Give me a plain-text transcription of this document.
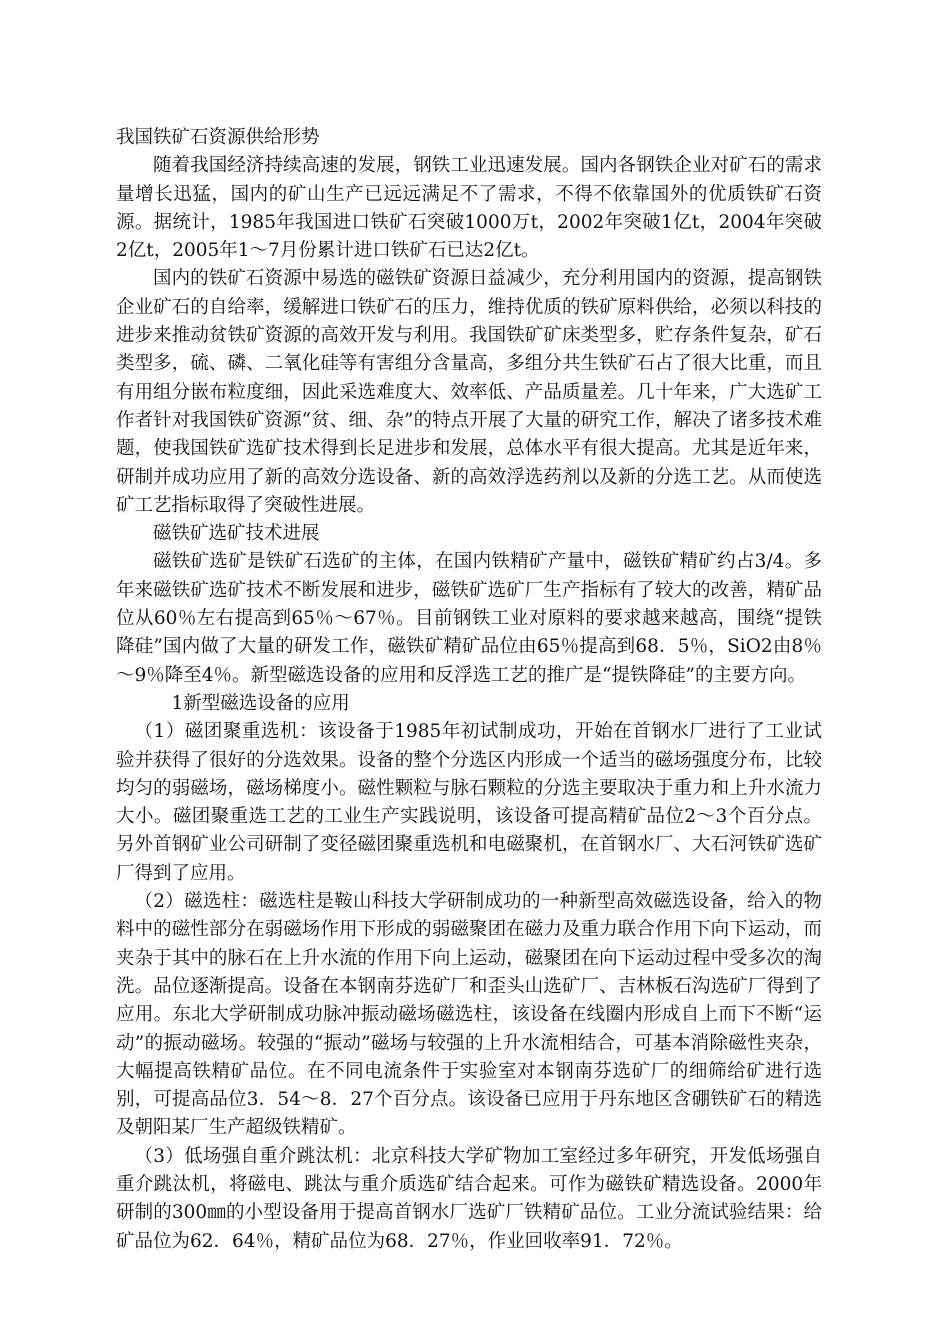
我国铁矿石资源供给形势

随着我国经济持续高速的发展，钢铁工业迅速发展。国内各钢铁企业对矿石的需求量增长迅猛，国内的矿山生产已远远满足不了需求，不得不依靠国外的优质铁矿石资源。据统计，1985年我国进口铁矿石突破1000万t，2002年突破1亿t，2004年突破2亿t，2005年1～7月份累计进口铁矿石已达2亿t。

国内的铁矿石资源中易选的磁铁矿资源日益减少，充分利用国内的资源，提高钢铁企业矿石的自给率，缓解进口铁矿石的压力，维持优质的铁矿原料供给，必须以科技的进步来推动贫铁矿资源的高效开发与利用。我国铁矿矿床类型多，贮存条件复杂，矿石类型多，硫、磷、二氧化硅等有害组分含量高，多组分共生铁矿石占了很大比重，而且有用组分嵌布粒度细，因此采选难度大、效率低、产品质量差。几十年来，广大选矿工作者针对我国铁矿资源“贫、细、杂”的特点开展了大量的研究工作，解决了诸多技术难题，使我国铁矿选矿技术得到长足进步和发展，总体水平有很大提高。尤其是近年来，研制并成功应用了新的高效分选设备、新的高效浮选药剂以及新的分选工艺。从而使选矿工艺指标取得了突破性进展。

磁铁矿选矿技术进展

磁铁矿选矿是铁矿石选矿的主体，在国内铁精矿产量中，磁铁矿精矿约占3/4。多年来磁铁矿选矿技术不断发展和进步，磁铁矿选矿厂生产指标有了较大的改善，精矿品位从60％左右提高到65％～67％。目前钢铁工业对原料的要求越来越高，围绕“提铁降硅”国内做了大量的研发工作，磁铁矿精矿品位由65％提高到68．5％，SiO2由8％～9％降至4％。新型磁选设备的应用和反浮选工艺的推广是“提铁降硅”的主要方向。

1新型磁选设备的应用

（1）磁团聚重选机：该设备于1985年初试制成功，开始在首钢水厂进行了工业试验并获得了很好的分选效果。设备的整个分选区内形成一个适当的磁场强度分布，比较均匀的弱磁场，磁场梯度小。磁性颗粒与脉石颗粒的分选主要取决于重力和上升水流力大小。磁团聚重选工艺的工业生产实践说明，该设备可提高精矿品位2～3个百分点。另外首钢矿业公司研制了变径磁团聚重选机和电磁聚机，在首钢水厂、大石河铁矿选矿厂得到了应用。

（2）磁选柱：磁选柱是鞍山科技大学研制成功的一种新型高效磁选设备，给入的物料中的磁性部分在弱磁场作用下形成的弱磁聚团在磁力及重力联合作用下向下运动，而夹杂于其中的脉石在上升水流的作用下向上运动，磁聚团在向下运动过程中受多次的淘洗。品位逐渐提高。设备在本钢南芬选矿厂和歪头山选矿厂、吉林板石沟选矿厂得到了应用。东北大学研制成功脉冲振动磁场磁选柱，该设备在线圈内形成自上而下不断“运动”的振动磁场。较强的“振动”磁场与较强的上升水流相结合，可基本消除磁性夹杂，大幅提高铁精矿品位。在不同电流条件于实验室对本钢南芬选矿厂的细筛给矿进行选别，可提高品位3．54～8．27个百分点。该设备已应用于丹东地区含硼铁矿石的精选及朝阳某厂生产超级铁精矿。

（3）低场强自重介跳汰机：北京科技大学矿物加工室经过多年研究，开发低场强自重介跳汰机，将磁电、跳汰与重介质选矿结合起来。可作为磁铁矿精选设备。2000年研制的300㎜的小型设备用于提高首钢水厂选矿厂铁精矿品位。工业分流试验结果：给矿品位为62．64％，精矿品位为68．27％，作业回收率91．72％。
